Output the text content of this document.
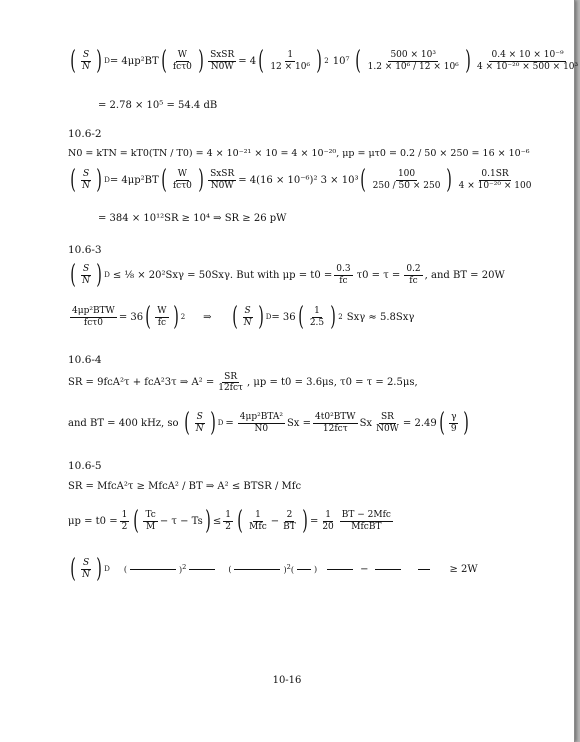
( $\frac{S}{N}$ ) D = 4μp²BT ( $\frac{W}{\text{fcτ0}}$ ) $\frac{\text{SxSR}}{N0W} = 4$ ( $\frac{1}{\text{12 × 10⁶}}$ ) 2 10⁷ ( $\frac{\text{500 × 10³}}{\text{1.2 × 10⁶ / 12 × 10⁶}}$ ) $\frac{\text{0.4 × 10 × 10⁻⁹}}{\text{4 × 10⁻²⁰ × 500 × 10³}}$
= 2.78 × 10⁵ = 54.4 dB
10.6-2
N0 = kTN = kT0(TN / T0) = 4 × 10⁻²¹ × 10 = 4 × 10⁻²⁰, μp = μτ0 = 0.2 / 50 × 250 = 16 × 10⁻⁶
( $\frac{S}{N}$ ) D = 4μp²BT ( $\frac{W}{\text{fcτ0}}$ ) $\frac{\text{SxSR}}{N0W} = 4(16 \times 10^{-6})^2$ 3 × 10³ ( $\frac{100}{250 / 50 \times 250}$ ) $\frac{0.1SR}{\text{4 × 10⁻²⁰ × 100}}$
= 384 × 10¹²SR ≥ 10⁴ ⇒ SR ≥ 26 pW
10.6-3
( $\frac{S}{N}$ ) D ≤ ⅛ × 20²Sxγ = 50Sxγ. But with $\mu p = t0 = \frac{0.3}{fc} \tau 0 = \tau = \frac{0.2}{fc}$ , and BT = 20W
$\frac{\text{4μp²BTW}}{\text{fcτ0}} = 36$ ( $\frac{W}{fc}$ ) 2 ⇒ ( $\frac{S}{N}$ ) D = 36 ( $\frac{1}{2.5}$ ) 2 Sxγ ≈ 5.8Sxγ
10.6-4
SR = 9fcA²τ + fcA²3τ ⇒ $A^2 = \frac{SR}{\text{12fcτ}}$ , μp = t0 = 3.6μs, τ0 = τ = 2.5μs,
and BT = 400 kHz, so ( $\frac{S}{N}$ ) $D = \frac{\text{4μp²BTA²}}{N0}$ $Sx = \frac{\text{4t0²BTW}}{\text{12fcτ}}$ Sx $\frac{SR}{N0W} = 2.49$ ( $\frac{\gamma}{9}$ )
10.6-5
SR = MfcA²τ ≥ MfcA² / BT ⇒ A² ≤ BTSR / Mfc
$\mu p = t0 = \frac{1}{2}$ ( $\frac{Tc}{M} - \tau - Ts$ ) ≤ $\frac{1}{2}$ ( $\frac{1}{\text{Mfc}} - \frac{2}{BT}$ ) = $\frac{1}{20} \frac{\text{BT − 2Mfc}}{\text{MfcBT}}$
( $\frac{S}{N}$ ) D (	)$^2$	(	)$^2$(	)	−	≥ 2W
10-16
